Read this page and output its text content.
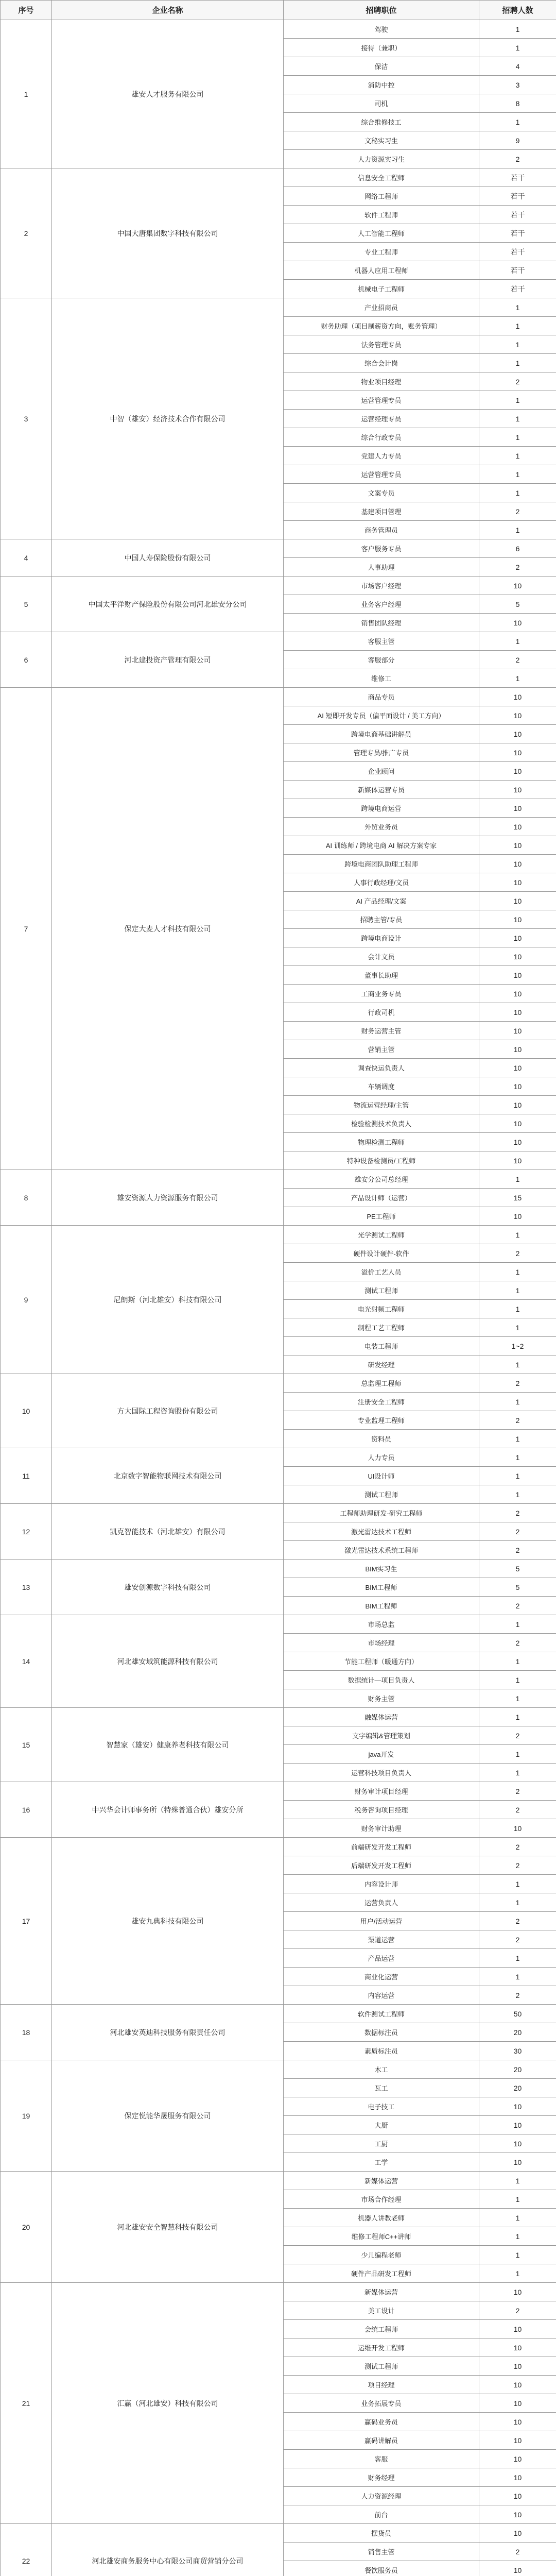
序号	企业名称	招聘职位	招聘人数
1	雄安人才服务有限公司	驾驶	1
		接待（兼职）	1
		保洁	4
		消防中控	3
		司机	8
		综合维修技工	1
		文秘实习生	9
		人力资源实习生	2
2	中国大唐集团数字科技有限公司	信息安全工程师	若干
		网络工程师	若干
		软件工程师	若干
		人工智能工程师	若干
		专业工程师	若干
		机器人应用工程师	若干
		机械电子工程师	若干
3	中智（雄安）经济技术合作有限公司	产业招商员	1
		财务助理（项目制薪资方向，账务管理）	1
		法务管理专员	1
		综合会计岗	1
		物业项目经理	2
		运营管理专员	1
		运营经理专员	1
		综合行政专员	1
		党建人力专员	1
		运营管理专员	1
		文案专员	1
		基建项目管理	2
		商务管理员	1
4	中国人寿保险股份有限公司	客户服务专员	6
		人事助理	2
5	中国太平洋财产保险股份有限公司河北雄安分公司	市场客户经理	10
		业务客户经理	5
		销售团队经理	10
6	河北建投资产管理有限公司	客服主管	1
		客服部分	2
		维修工	1
7	保定大麦人才科技有限公司	商品专员	10
		AI 短即开发专员（偏平面设计 / 美工方向）	10
		跨境电商基础讲解员	10
		管理专员/推广专员	10
		企业顾问	10
		新媒体运营专员	10
		跨境电商运营	10
		外贸业务员	10
		AI 训练师 / 跨境电商 AI 解决方案专家	10
		跨境电商团队助理工程师	10
		人事行政经理/文员	10
		AI 产品经理/文案	10
		招聘主管/专员	10
		跨境电商设计	10
		会计文员	10
		董事长助理	10
		工商业务专员	10
		行政司机	10
		财务运营主管	10
		营销主管	10
		调查快运负责人	10
		车辆调度	10
		物流运营经理/主管	10
		检验检测技术负责人	10
		物理检测工程师	10
		特种设备检测员/工程师	10
8	雄安资源人力资源服务有限公司	雄安分公司总经理	1
		产品设计师（运营）	15
		PE工程师	10
9	尼朗斯（河北雄安）科技有限公司	光学测试工程师	1
		硬件设计硬件-软件	2
		溢价工艺人员	1
		测试工程师	1
		电光射频工程师	1
		制程工艺工程师	1
		电装工程师	1~2
		研发经理	1
10	方大国际工程咨询股份有限公司	总监理工程师	2
		注册安全工程师	1
		专业监理工程师	2
		资料员	1
11	北京数字智能物联网技术有限公司	人力专员	1
		UI设计师	1
		测试工程师	1
12	凯克智能技术（河北雄安）有限公司	工程师助理研发-研究工程师	2
		激光雷达技术工程师	2
		激光雷达技术系统工程师	2
13	雄安创源数字科技有限公司	BIM实习生	5
		BIM工程师	5
		BIM工程师	2
14	河北雄安域筑能源科技有限公司	市场总监	1
		市场经理	2
		节能工程师（暖通方向）	1
		数据统计—项目负责人	1
		财务主管	1
15	智慧家（雄安）健康养老科技有限公司	融媒体运营	1
		文字编辑&管理策划	2
		java开发	1
		运营科技项目负责人	1
16	中兴华会计师事务所（特殊普通合伙）雄安分所	财务审计项目经理	2
		税务咨询项目经理	2
		财务审计助理	10
17	雄安九典科技有限公司	前端研发开发工程师	2
		后端研发开发工程师	2
		内容设计师	1
		运营负责人	1
		用户/活动运营	2
		渠道运营	2
		产品运营	1
		商业化运营	1
		内容运营	2
18	河北雄安英迪科技服务有限责任公司	软件测试工程师	50
		数据标注员	20
		素质标注员	30
19	保定悦能华晟服务有限公司	木工	20
		瓦工	20
		电子技工	10
		大厨	10
		工厨	10
		工学	10
20	河北雄安安全智慧科技有限公司	新媒体运营	1
		市场合作经理	1
		机器人讲教老师	1
		维修工程师C++讲师	1
		少儿编程老师	1
		硬件产品研发工程师	1
21	汇赢（河北雄安）科技有限公司	新媒体运营	10
		美工设计	2
		会统工程师	10
		运维开发工程师	10
		测试工程师	10
		项目经理	10
		业务拓展专员	10
		赢码业务员	10
		赢码讲解员	10
		客服	10
		财务经理	10
		人力资源经理	10
		前台	10
22	河北雄安商务服务中心有限公司商贸营销分公司	摆货员	10
		销售主管	2
		餐饮服务员	10
